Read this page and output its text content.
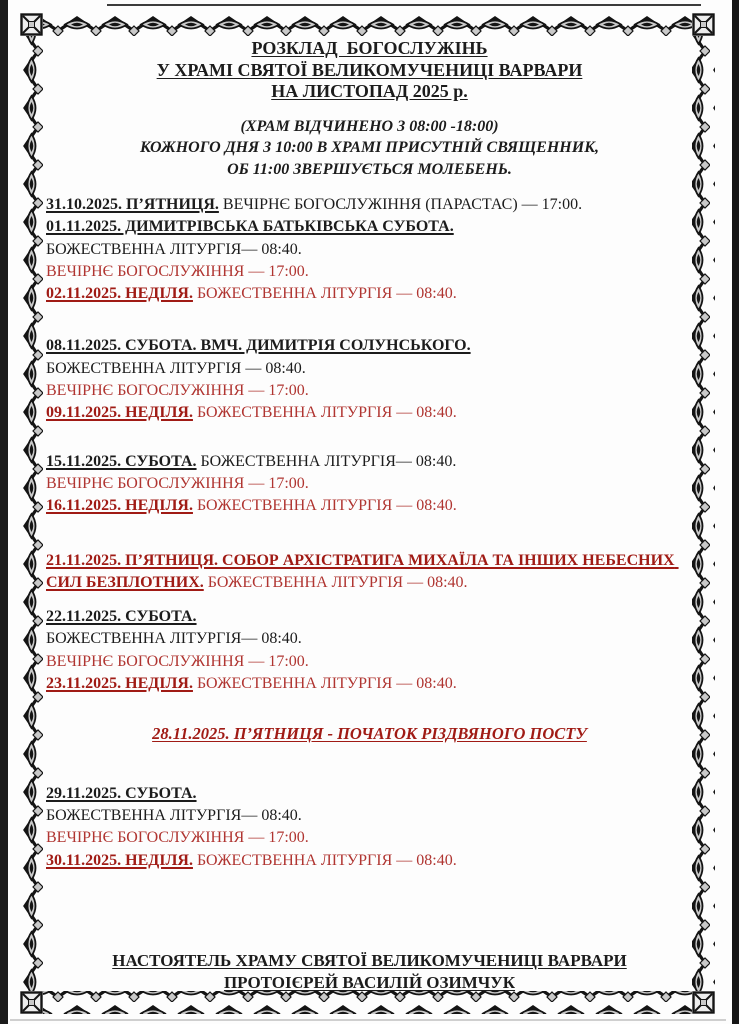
РОЗКЛАД  БОГОСЛУЖІНЬ
У ХРАМІ СВЯТОЇ ВЕЛИКОМУЧЕНИЦІ ВАРВАРИ
НА ЛИСТОПАД 2025 р.
(ХРАМ ВІДЧИНЕНО З 08:00 -18:00)
КОЖНОГО ДНЯ З 10:00 В ХРАМІ ПРИСУТНІЙ СВЯЩЕННИК,
ОБ 11:00 ЗВЕРШУЄТЬСЯ МОЛЕБЕНЬ.

31.10.2025. П’ЯТНИЦЯ. ВЕЧІРНЄ БОГОСЛУЖІННЯ (ПАРАСТАС) — 17:00.

01.11.2025. ДИМИТРІВСЬКА БАТЬКІВСЬКА СУБОТА.

БОЖЕСТВЕННА ЛІТУРГІЯ— 08:40.

ВЕЧІРНЄ БОГОСЛУЖІННЯ — 17:00.

02.11.2025. НЕДІЛЯ. БОЖЕСТВЕННА ЛІТУРГІЯ — 08:40.

08.11.2025. СУБОТА. ВМЧ. ДИМИТРІЯ СОЛУНСЬКОГО.

БОЖЕСТВЕННА ЛІТУРГІЯ — 08:40.

ВЕЧІРНЄ БОГОСЛУЖІННЯ — 17:00.

09.11.2025. НЕДІЛЯ. БОЖЕСТВЕННА ЛІТУРГІЯ — 08:40.

15.11.2025. СУБОТА. БОЖЕСТВЕННА ЛІТУРГІЯ— 08:40.

ВЕЧІРНЄ БОГОСЛУЖІННЯ — 17:00.

16.11.2025. НЕДІЛЯ. БОЖЕСТВЕННА ЛІТУРГІЯ — 08:40.

21.11.2025. П’ЯТНИЦЯ. СОБОР АРХІСТРАТИГА МИХАЇЛА ТА ІНШИХ НЕБЕСНИХ СИЛ БЕЗПЛОТНИХ. БОЖЕСТВЕННА ЛІТУРГІЯ — 08:40.

22.11.2025. СУБОТА.

БОЖЕСТВЕННА ЛІТУРГІЯ— 08:40.

ВЕЧІРНЄ БОГОСЛУЖІННЯ — 17:00.

23.11.2025. НЕДІЛЯ. БОЖЕСТВЕННА ЛІТУРГІЯ — 08:40.

28.11.2025. П’ЯТНИЦЯ - ПОЧАТОК РІЗДВЯНОГО ПОСТУ

29.11.2025. СУБОТА.

БОЖЕСТВЕННА ЛІТУРГІЯ— 08:40.

ВЕЧІРНЄ БОГОСЛУЖІННЯ — 17:00.

30.11.2025. НЕДІЛЯ. БОЖЕСТВЕННА ЛІТУРГІЯ — 08:40.

НАСТОЯТЕЛЬ ХРАМУ СВЯТОЇ ВЕЛИКОМУЧЕНИЦІ ВАРВАРИ
ПРОТОІЄРЕЙ ВАСИЛІЙ ОЗИМЧУК
